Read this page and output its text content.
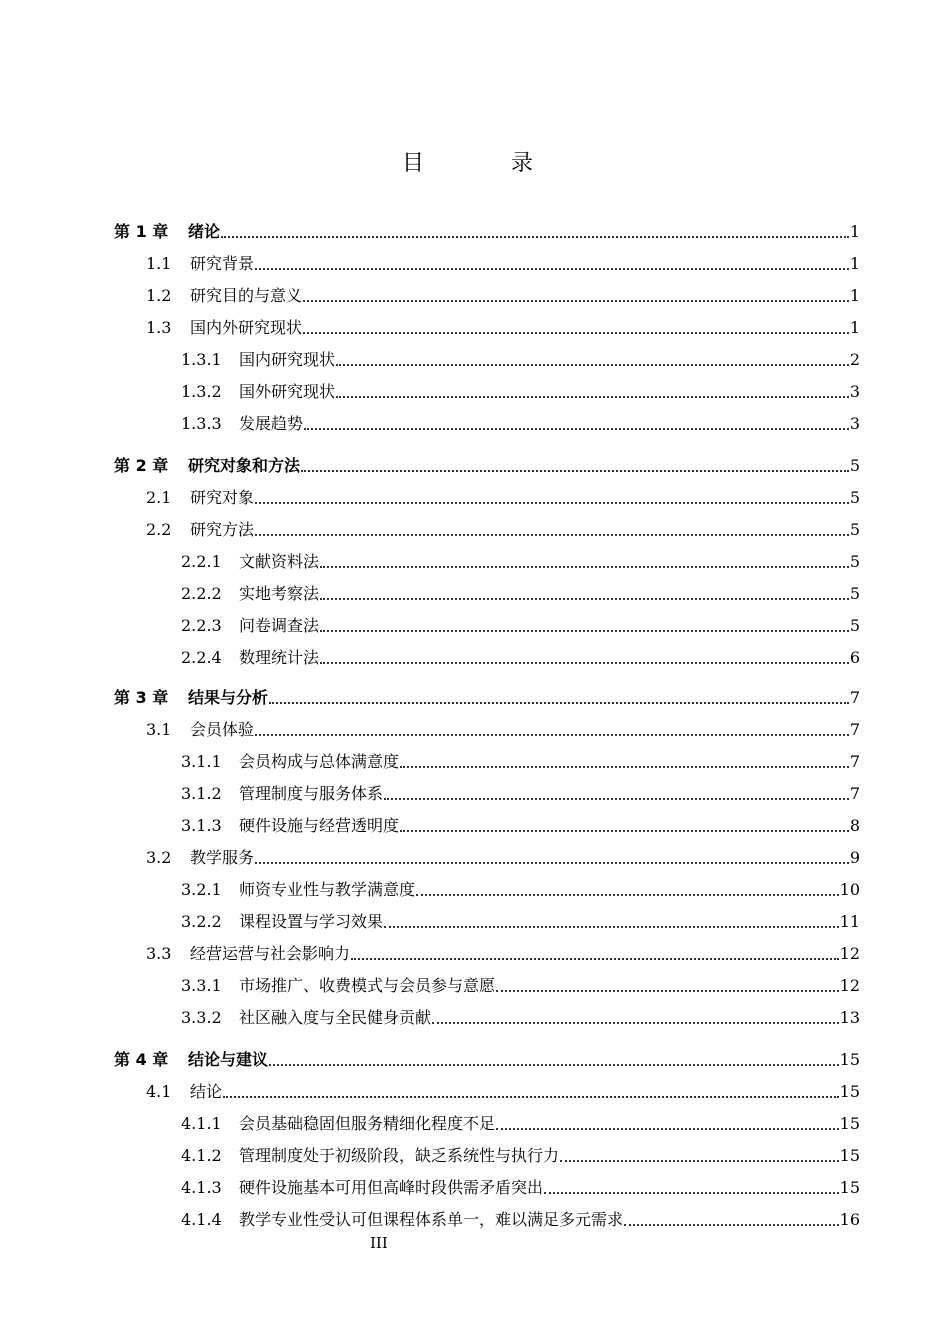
目 录
第 1 章	绪论	1
1.1	研究背景	1
1.2	研究目的与意义	1
1.3	国内外研究现状	1
1.3.1	国内研究现状	2
1.3.2	国外研究现状	3
1.3.3	发展趋势	3
第 2 章	研究对象和方法	5
2.1	研究对象	5
2.2	研究方法	5
2.2.1	文献资料法	5
2.2.2	实地考察法	5
2.2.3	问卷调查法	5
2.2.4	数理统计法	6
第 3 章	结果与分析	7
3.1	会员体验	7
3.1.1	会员构成与总体满意度	7
3.1.2	管理制度与服务体系	7
3.1.3	硬件设施与经营透明度	8
3.2	教学服务	9
3.2.1	师资专业性与教学满意度	10
3.2.2	课程设置与学习效果	11
3.3	经营运营与社会影响力	12
3.3.1	市场推广、收费模式与会员参与意愿	12
3.3.2	社区融入度与全民健身贡献	13
第 4 章	结论与建议	15
4.1	结论	15
4.1.1	会员基础稳固但服务精细化程度不足	15
4.1.2	管理制度处于初级阶段，缺乏系统性与执行力	15
4.1.3	硬件设施基本可用但高峰时段供需矛盾突出	15
4.1.4	教学专业性受认可但课程体系单一，难以满足多元需求	16
III
